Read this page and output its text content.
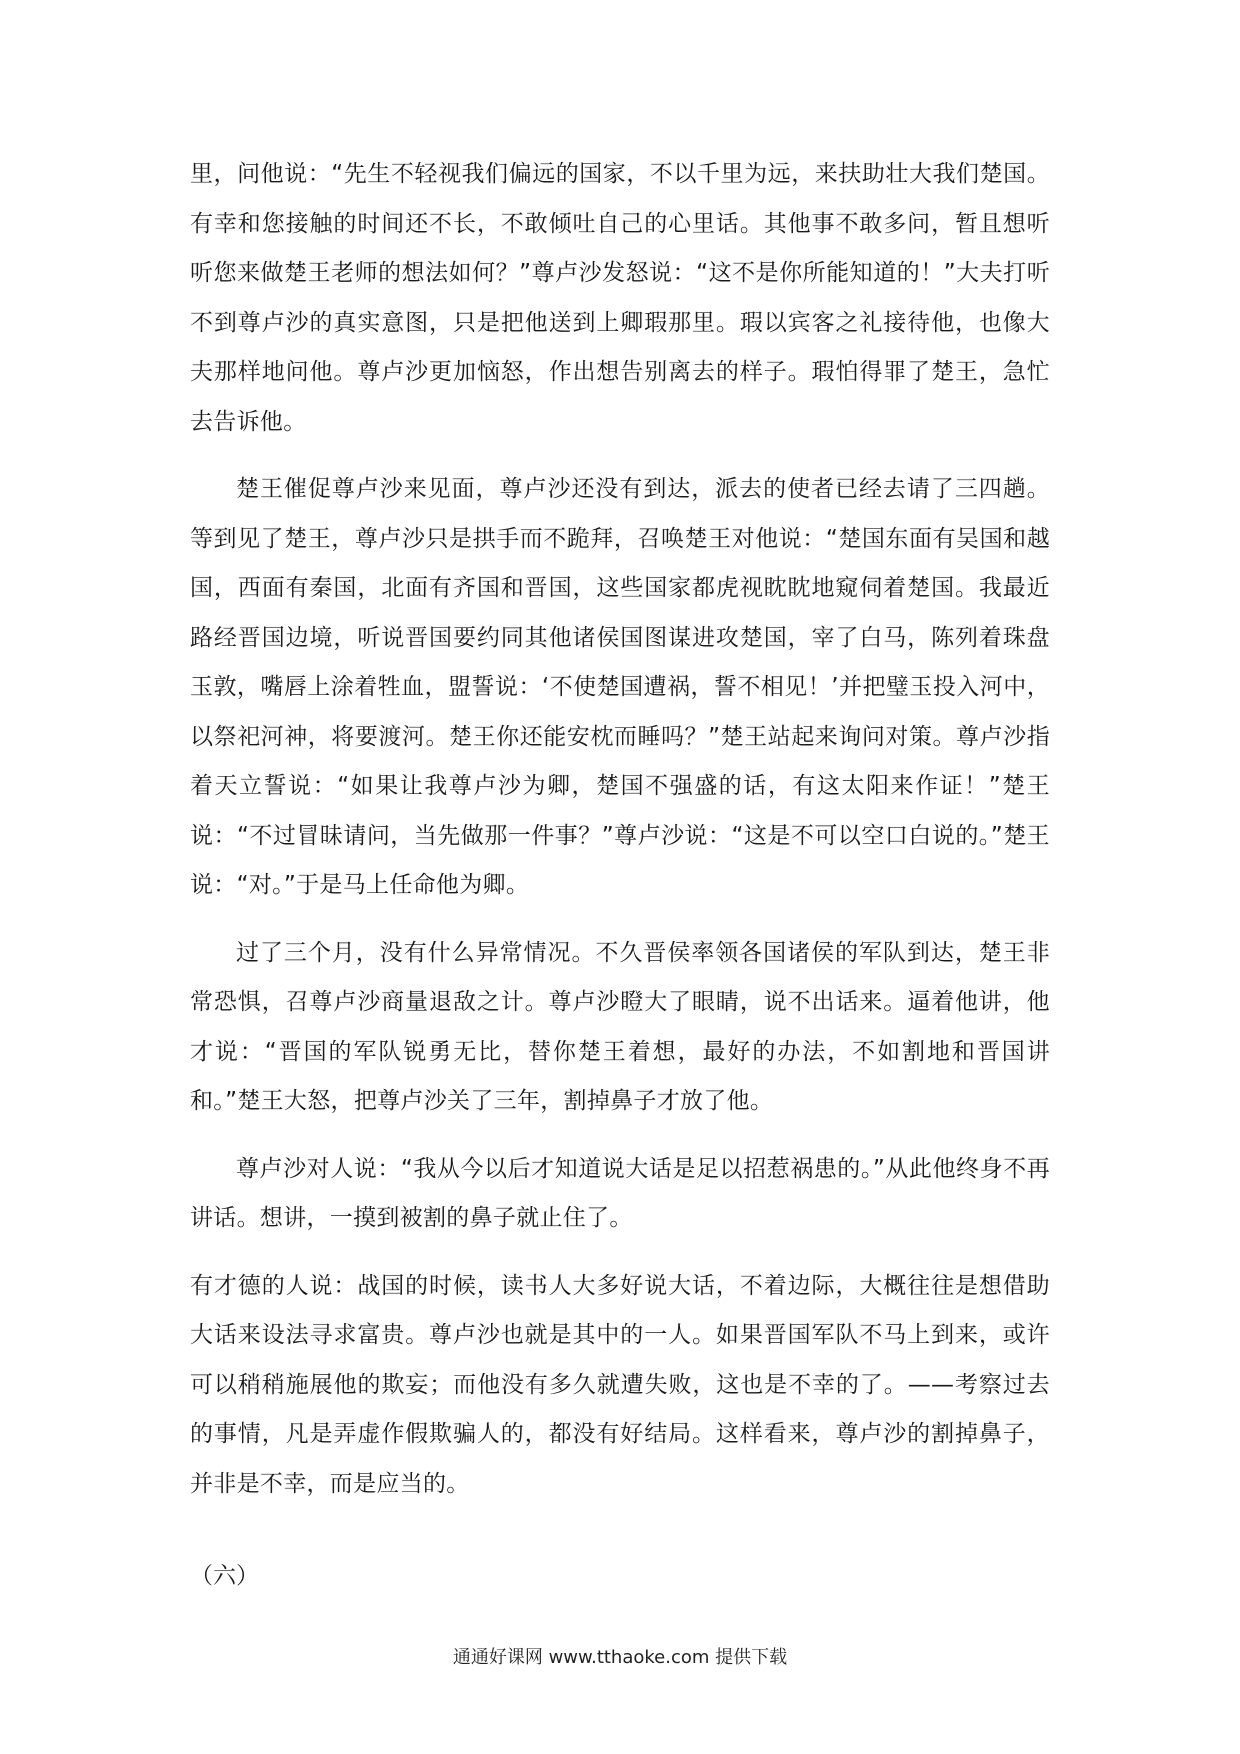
里，问他说：“先生不轻视我们偏远的国家，不以千里为远，来扶助壮大我们楚国。有幸和您接触的时间还不长，不敢倾吐自己的心里话。其他事不敢多问，暂且想听听您来做楚王老师的想法如何？”尊卢沙发怒说：“这不是你所能知道的！”大夫打听不到尊卢沙的真实意图，只是把他送到上卿瑕那里。瑕以宾客之礼接待他，也像大夫那样地问他。尊卢沙更加恼怒，作出想告别离去的样子。瑕怕得罪了楚王，急忙去告诉他。

楚王催促尊卢沙来见面，尊卢沙还没有到达，派去的使者已经去请了三四趟。等到见了楚王，尊卢沙只是拱手而不跪拜，召唤楚王对他说：“楚国东面有吴国和越国，西面有秦国，北面有齐国和晋国，这些国家都虎视眈眈地窥伺着楚国。我最近路经晋国边境，听说晋国要约同其他诸侯国图谋进攻楚国，宰了白马，陈列着珠盘玉敦，嘴唇上涂着牲血，盟誓说：‘不使楚国遭祸，誓不相见！’并把璧玉投入河中，以祭祀河神，将要渡河。楚王你还能安枕而睡吗？”楚王站起来询问对策。尊卢沙指着天立誓说：“如果让我尊卢沙为卿，楚国不强盛的话，有这太阳来作证！”楚王说：“不过冒昧请问，当先做那一件事？”尊卢沙说：“这是不可以空口白说的。”楚王说：“对。”于是马上任命他为卿。

过了三个月，没有什么异常情况。不久晋侯率领各国诸侯的军队到达，楚王非常恐惧，召尊卢沙商量退敌之计。尊卢沙瞪大了眼睛，说不出话来。逼着他讲，他才说：“晋国的军队锐勇无比，替你楚王着想，最好的办法，不如割地和晋国讲和。”楚王大怒，把尊卢沙关了三年，割掉鼻子才放了他。

尊卢沙对人说：“我从今以后才知道说大话是足以招惹祸患的。”从此他终身不再讲话。想讲，一摸到被割的鼻子就止住了。

有才德的人说：战国的时候，读书人大多好说大话，不着边际，大概往往是想借助大话来设法寻求富贵。尊卢沙也就是其中的一人。如果晋国军队不马上到来，或许可以稍稍施展他的欺妄；而他没有多久就遭失败，这也是不幸的了。——考察过去的事情，凡是弄虚作假欺骗人的，都没有好结局。这样看来，尊卢沙的割掉鼻子，并非是不幸，而是应当的。

（六）
通通好课网 www.tthaoke.com 提供下载
